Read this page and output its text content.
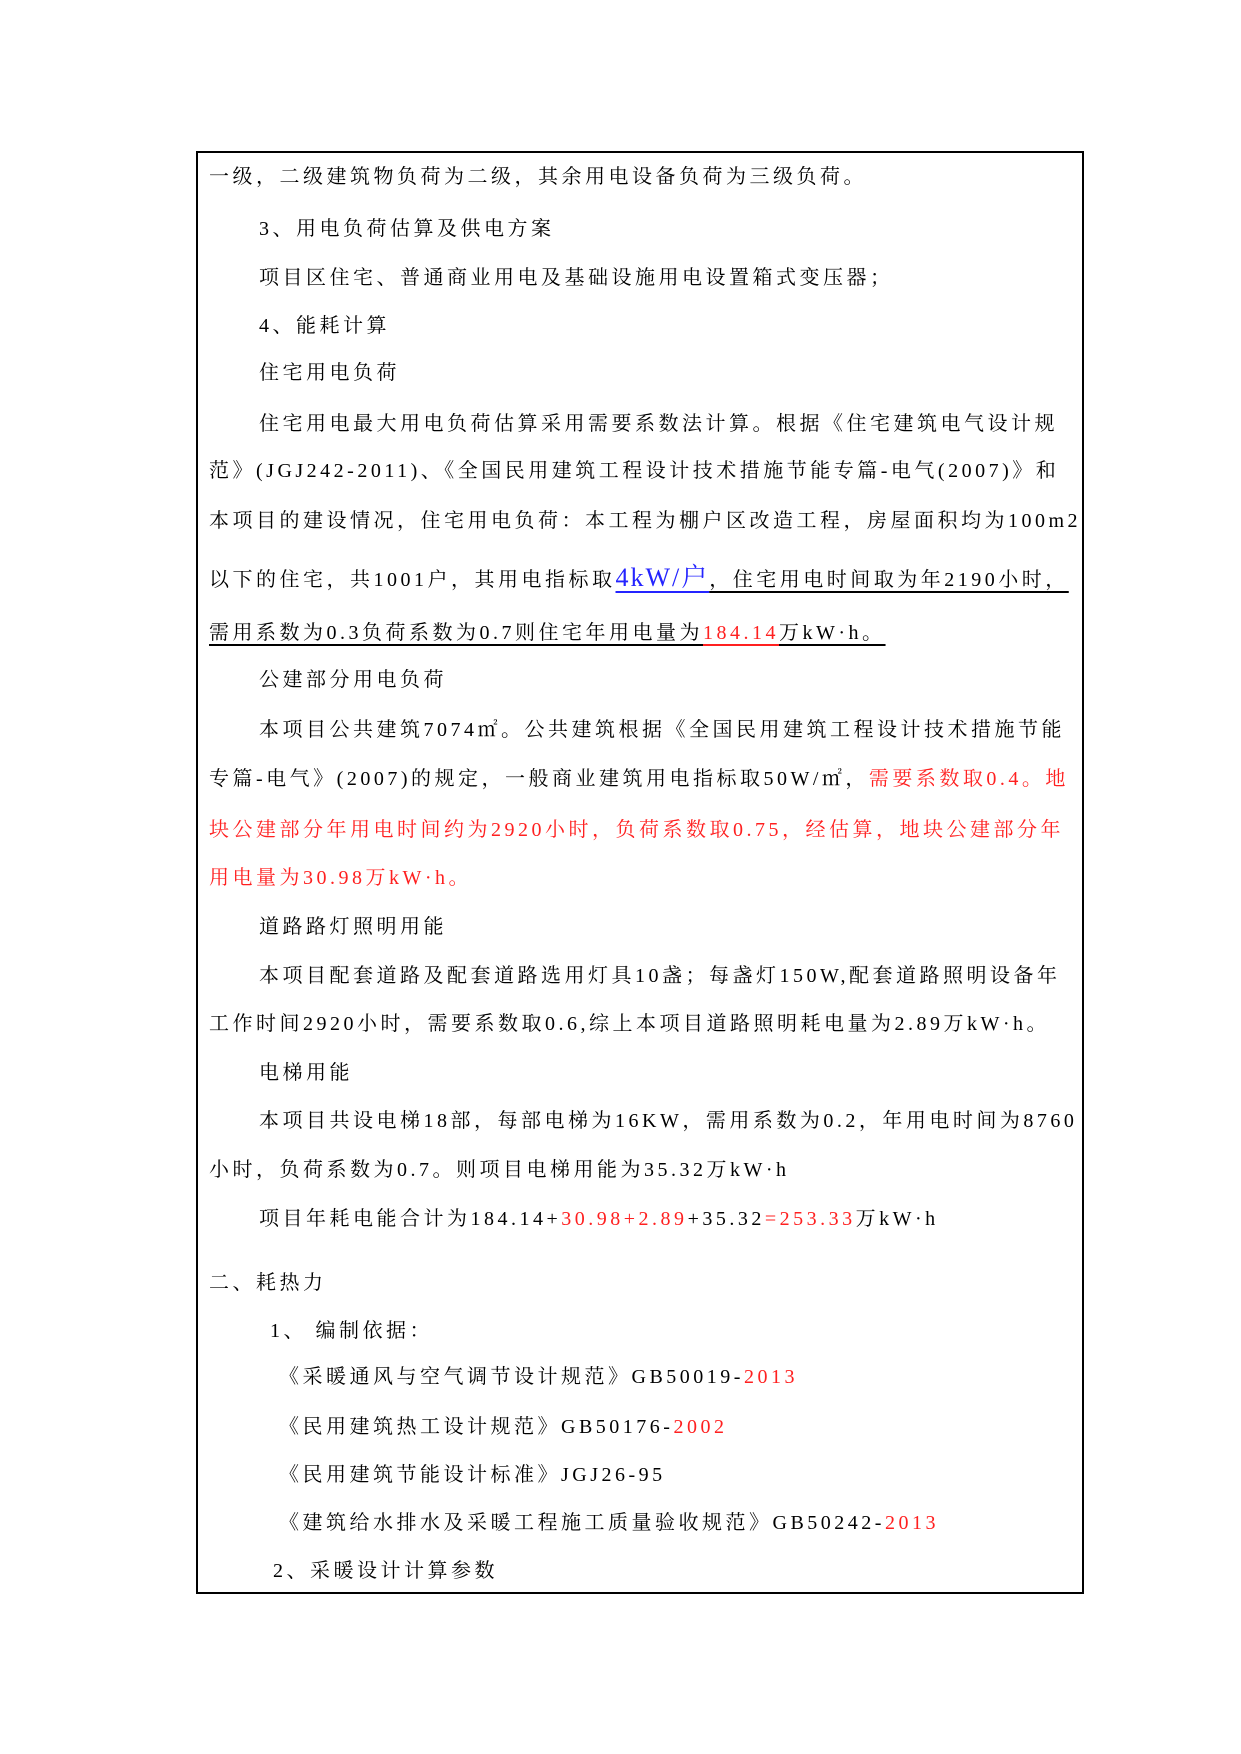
一级，二级建筑物负荷为二级，其余用电设备负荷为三级负荷。
3、用电负荷估算及供电方案
项目区住宅、普通商业用电及基础设施用电设置箱式变压器；
4、能耗计算
住宅用电负荷
住宅用电最大用电负荷估算采用需要系数法计算。根据《住宅建筑电气设计规
范》(JGJ242-2011)、《全国民用建筑工程设计技术措施节能专篇-电气(2007)》和
本项目的建设情况，住宅用电负荷：本工程为棚户区改造工程，房屋面积均为100m2
以下的住宅，共1001户，其用电指标取4kW/户，住宅用电时间取为年2190小时，
需用系数为0.3负荷系数为0.7则住宅年用电量为184.14万kW·h。
公建部分用电负荷
本项目公共建筑7074㎡。公共建筑根据《全国民用建筑工程设计技术措施节能
专篇-电气》(2007)的规定，一般商业建筑用电指标取50W/㎡，需要系数取0.4。地
块公建部分年用电时间约为2920小时，负荷系数取0.75，经估算，地块公建部分年
用电量为30.98万kW·h。
道路路灯照明用能
本项目配套道路及配套道路选用灯具10盏；每盏灯150W,配套道路照明设备年
工作时间2920小时，需要系数取0.6,综上本项目道路照明耗电量为2.89万kW·h。
电梯用能
本项目共设电梯18部，每部电梯为16KW，需用系数为0.2，年用电时间为8760
小时，负荷系数为0.7。则项目电梯用能为35.32万kW·h
项目年耗电能合计为184.14+30.98+2.89+35.32=253.33万kW·h
二、耗热力
1、 编制依据：
《采暖通风与空气调节设计规范》GB50019-2013
《民用建筑热工设计规范》GB50176-2002
《民用建筑节能设计标准》JGJ26-95
《建筑给水排水及采暖工程施工质量验收规范》GB50242-2013
2、采暖设计计算参数
